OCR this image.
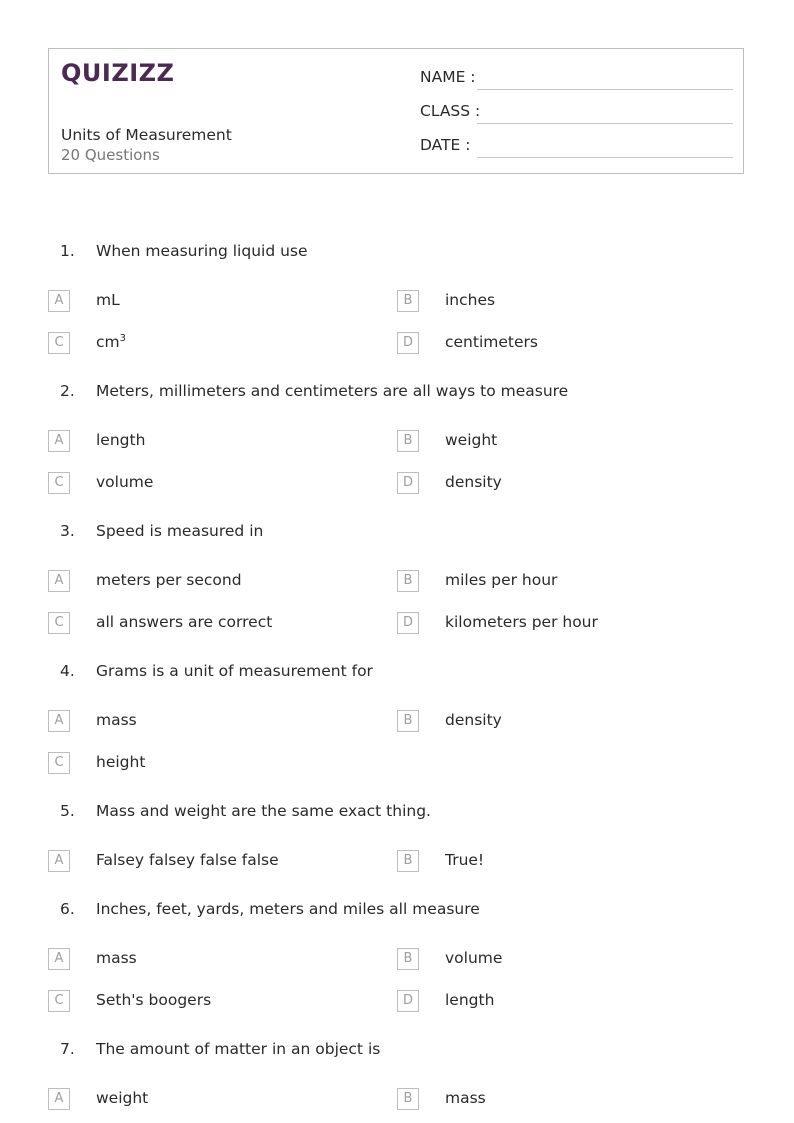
QUIZIZZ
Units of Measurement
20 Questions
NAME :
CLASS :
DATE :
1. When measuring liquid use
A	mL	B	inches
C	$cm^3$	D	centimeters
2. Meters, millimeters and centimeters are all ways to measure
A	length	B	weight
C	volume	D	density
3. Speed is measured in
A	meters per second	B	miles per hour
C	all answers are correct	D	kilometers per hour
4. Grams is a unit of measurement for
A	mass	B	density
C	height
5. Mass and weight are the same exact thing.
A	Falsey falsey false false	B	True!
6. Inches, feet, yards, meters and miles all measure
A	mass	B	volume
C	Seth's boogers	D	length
7. The amount of matter in an object is
A	weight	B	mass
